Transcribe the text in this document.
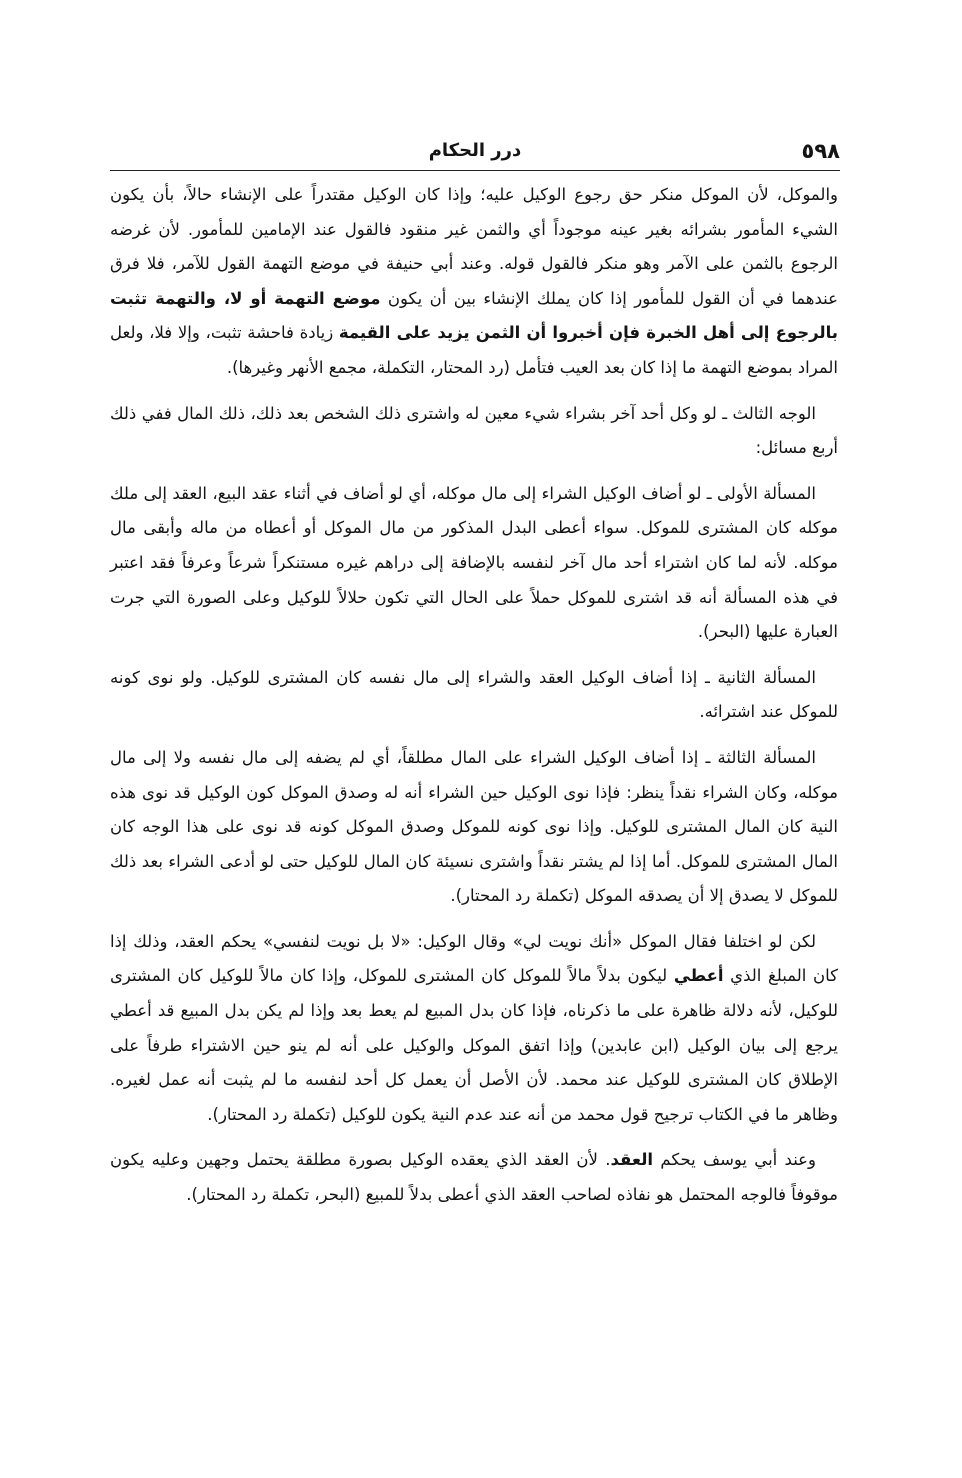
٥٩٨
درر الحكام

والموكل، لأن الموكل منكر حق رجوع الوكيل عليه؛ وإذا كان الوكيل مقتدراً على الإنشاء حالاً، بأن يكون الشيء المأمور بشرائه بغير عينه موجوداً أي والثمن غير منقود فالقول عند الإمامين للمأمور. لأن غرضه الرجوع بالثمن على الآمر وهو منكر فالقول قوله. وعند أبي حنيفة في موضع التهمة القول للآمر، فلا فرق عندهما في أن القول للمأمور إذا كان يملك الإنشاء بين أن يكون موضع التهمة أو لا، والتهمة تثبت بالرجوع إلى أهل الخبرة فإن أخبروا أن الثمن يزيد على القيمة زيادة فاحشة تثبت، وإلا فلا، ولعل المراد بموضع التهمة ما إذا كان بعد العيب فتأمل (رد المحتار، التكملة، مجمع الأنهر وغيرها).

الوجه الثالث ـ لو وكل أحد آخر بشراء شيء معين له واشترى ذلك الشخص بعد ذلك، ذلك المال ففي ذلك أربع مسائل:

المسألة الأولى ـ لو أضاف الوكيل الشراء إلى مال موكله، أي لو أضاف في أثناء عقد البيع، العقد إلى ملك موكله كان المشترى للموكل. سواء أعطى البدل المذكور من مال الموكل أو أعطاه من ماله وأبقى مال موكله. لأنه لما كان اشتراء أحد مال آخر لنفسه بالإضافة إلى دراهم غيره مستنكراً شرعاً وعرفاً فقد اعتبر في هذه المسألة أنه قد اشترى للموكل حملاً على الحال التي تكون حلالاً للوكيل وعلى الصورة التي جرت العبارة عليها (البحر).

المسألة الثانية ـ إذا أضاف الوكيل العقد والشراء إلى مال نفسه كان المشترى للوكيل. ولو نوى كونه للموكل عند اشترائه.

المسألة الثالثة ـ إذا أضاف الوكيل الشراء على المال مطلقاً، أي لم يضفه إلى مال نفسه ولا إلى مال موكله، وكان الشراء نقداً ينظر: فإذا نوى الوكيل حين الشراء أنه له وصدق الموكل كون الوكيل قد نوى هذه النية كان المال المشترى للوكيل. وإذا نوى كونه للموكل وصدق الموكل كونه قد نوى على هذا الوجه كان المال المشترى للموكل. أما إذا لم يشتر نقداً واشترى نسيئة كان المال للوكيل حتى لو أدعى الشراء بعد ذلك للموكل لا يصدق إلا أن يصدقه الموكل (تكملة رد المحتار).

لكن لو اختلفا فقال الموكل «أنك نويت لي» وقال الوكيل: «لا بل نويت لنفسي» يحكم العقد، وذلك إذا كان المبلغ الذي أعطي ليكون بدلاً مالاً للموكل كان المشترى للموكل، وإذا كان مالاً للوكيل كان المشترى للوكيل، لأنه دلالة ظاهرة على ما ذكرناه، فإذا كان بدل المبيع لم يعط بعد وإذا لم يكن بدل المبيع قد أعطي يرجع إلى بيان الوكيل (ابن عابدين) وإذا اتفق الموكل والوكيل على أنه لم ينو حين الاشتراء طرفاً على الإطلاق كان المشترى للوكيل عند محمد. لأن الأصل أن يعمل كل أحد لنفسه ما لم يثبت أنه عمل لغيره. وظاهر ما في الكتاب ترجيح قول محمد من أنه عند عدم النية يكون للوكيل (تكملة رد المحتار).

وعند أبي يوسف يحكم العقد. لأن العقد الذي يعقده الوكيل بصورة مطلقة يحتمل وجهين وعليه يكون موقوفاً فالوجه المحتمل هو نفاذه لصاحب العقد الذي أعطى بدلاً للمبيع (البحر، تكملة رد المحتار).
